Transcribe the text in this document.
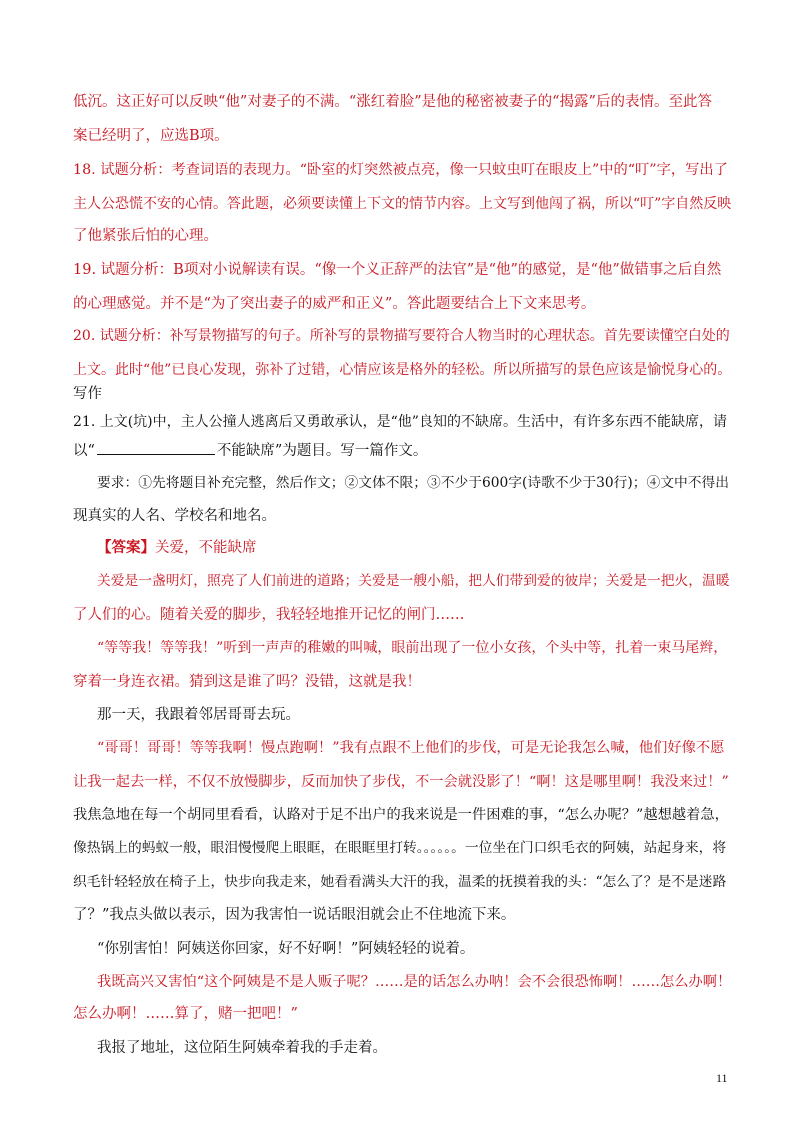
低沉。这正好可以反映“他”对妻子的不满。“涨红着脸”是他的秘密被妻子的“揭露”后的表情。至此答
案已经明了，应选B项。
18. 试题分析：考查词语的表现力。“卧室的灯突然被点亮，像一只蚊虫叮在眼皮上”中的“叮”字，写出了
主人公恐慌不安的心情。答此题，必须要读懂上下文的情节内容。上文写到他闯了祸，所以“叮”字自然反映
了他紧张后怕的心理。
19. 试题分析：B项对小说解读有误。“像一个义正辞严的法官”是“他”的感觉，是“他”做错事之后自然
的心理感觉。并不是“为了突出妻子的威严和正义”。答此题要结合上下文来思考。
20. 试题分析：补写景物描写的句子。所补写的景物描写要符合人物当时的心理状态。首先要读懂空白处的
上文。此时“他”已良心发现，弥补了过错，心情应该是格外的轻松。所以所描写的景色应该是愉悦身心的。
写作
21. 上文(坑)中，主人公撞人逃离后又勇敢承认，是“他”良知的不缺席。生活中，有许多东西不能缺席，请
以“	不能缺席”为题目。写一篇作文。
要求：①先将题目补充完整，然后作文；②文体不限；③不少于600字(诗歌不少于30行)；④文中不得出
现真实的人名、学校名和地名。
【答案】关爱，不能缺席
关爱是一盏明灯，照亮了人们前进的道路；关爱是一艘小船，把人们带到爱的彼岸；关爱是一把火，温暖
了人们的心。随着关爱的脚步，我轻轻地推开记忆的闸门……
“等等我！等等我！”听到一声声的稚嫩的叫喊，眼前出现了一位小女孩，个头中等，扎着一束马尾辫，
穿着一身连衣裙。猜到这是谁了吗？没错，这就是我！
那一天，我跟着邻居哥哥去玩。
“哥哥！哥哥！等等我啊！慢点跑啊！”我有点跟不上他们的步伐，可是无论我怎么喊，他们好像不愿
让我一起去一样，不仅不放慢脚步，反而加快了步伐，不一会就没影了！“啊！这是哪里啊！我没来过！”
我焦急地在每一个胡同里看看，认路对于足不出户的我来说是一件困难的事，“怎么办呢？”越想越着急，
像热锅上的蚂蚁一般，眼泪慢慢爬上眼眶，在眼眶里打转。。。。。。一位坐在门口织毛衣的阿姨，站起身来，将
织毛针轻轻放在椅子上，快步向我走来，她看看满头大汗的我，温柔的抚摸着我的头：“怎么了？是不是迷路
了？”我点头做以表示，因为我害怕一说话眼泪就会止不住地流下来。
“你别害怕！阿姨送你回家，好不好啊！”阿姨轻轻的说着。
我既高兴又害怕“这个阿姨是不是人贩子呢？……是的话怎么办呐！会不会很恐怖啊！……怎么办啊！
怎么办啊！……算了，赌一把吧！”
我报了地址，这位陌生阿姨牵着我的手走着。
11
